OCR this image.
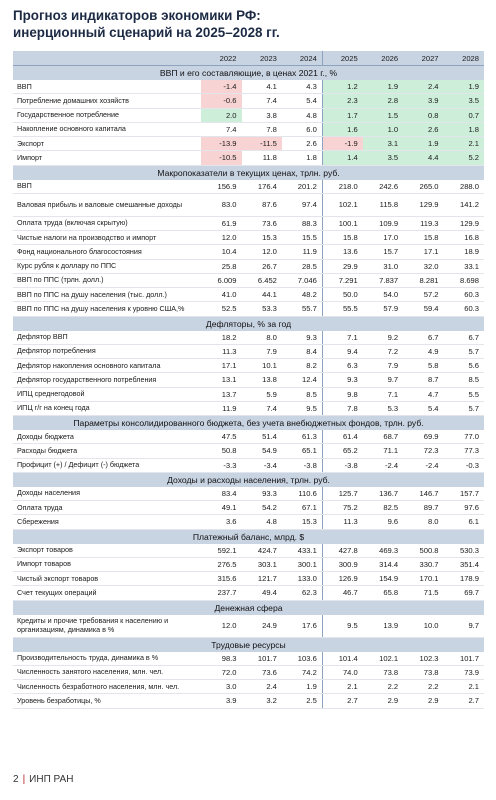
Прогноз индикаторов экономики РФ:
инерционный сценарий на 2025–2028 гг.
	2022	2023	2024	2025	2026	2027	2028
ВВП и его составляющие, в ценах 2021 г., %							
ВВП	-1.4	4.1	4.3	1.2	1.9	2.4	1.9
Потребление домашних хозяйств	-0.6	7.4	5.4	2.3	2.8	3.9	3.5
Государственное потребление	2.0	3.8	4.8	1.7	1.5	0.8	0.7
Накопление основного капитала	7.4	7.8	6.0	1.6	1.0	2.6	1.8
Экспорт	-13.9	-11.5	2.6	-1.9	3.1	1.9	2.1
Импорт	-10.5	11.8	1.8	1.4	3.5	4.4	5.2
Макропоказатели в текущих ценах, трлн. руб.							
ВВП	156.9	176.4	201.2	218.0	242.6	265.0	288.0
Валовая прибыль и валовые смешанные доходы	83.0	87.6	97.4	102.1	115.8	129.9	141.2
Оплата труда (включая скрытую)	61.9	73.6	88.3	100.1	109.9	119.3	129.9
Чистые налоги на производство и импорт	12.0	15.3	15.5	15.8	17.0	15.8	16.8
Фонд национального благосостояния	10.4	12.0	11.9	13.6	15.7	17.1	18.9
Курс рубля к доллару по ППС	25.8	26.7	28.5	29.9	31.0	32.0	33.1
ВВП по ППС (трлн. долл.)	6.009	6.452	7.046	7.291	7.837	8.281	8.698
ВВП по ППС на душу населения (тыс. долл.)	41.0	44.1	48.2	50.0	54.0	57.2	60.3
ВВП по ППС на душу населения к уровню США,%	52.5	53.3	55.7	55.5	57.9	59.4	60.3
Дефляторы, % за год							
Дефлятор ВВП	18.2	8.0	9.3	7.1	9.2	6.7	6.7
Дефлятор потребления	11.3	7.9	8.4	9.4	7.2	4.9	5.7
Дефлятор накопления основного капитала	17.1	10.1	8.2	6.3	7.9	5.8	5.6
Дефлятор государственного потребления	13.1	13.8	12.4	9.3	9.7	8.7	8.5
ИПЦ среднегодовой	13.7	5.9	8.5	9.8	7.1	4.7	5.5
ИПЦ г/г на конец года	11.9	7.4	9.5	7.8	5.3	5.4	5.7
Параметры консолидированного бюджета, без учета внебюджетных фондов, трлн. руб.							
Доходы бюджета	47.5	51.4	61.3	61.4	68.7	69.9	77.0
Расходы бюджета	50.8	54.9	65.1	65.2	71.1	72.3	77.3
Профицит (+) / Дефицит (-) бюджета	-3.3	-3.4	-3.8	-3.8	-2.4	-2.4	-0.3
Доходы и расходы населения, трлн. руб.							
Доходы населения	83.4	93.3	110.6	125.7	136.7	146.7	157.7
Оплата труда	49.1	54.2	67.1	75.2	82.5	89.7	97.6
Сбережения	3.6	4.8	15.3	11.3	9.6	8.0	6.1
Платежный баланс, млрд. $							
Экспорт товаров	592.1	424.7	433.1	427.8	469.3	500.8	530.3
Импорт товаров	276.5	303.1	300.1	300.9	314.4	330.7	351.4
Чистый экспорт товаров	315.6	121.7	133.0	126.9	154.9	170.1	178.9
Счет текущих операций	237.7	49.4	62.3	46.7	65.8	71.5	69.7
Денежная сфера							
Кредиты и прочие требования к населению и организациям, динамика в %	12.0	24.9	17.6	9.5	13.9	10.0	9.7
Трудовые ресурсы							
Производительность труда, динамика в %	98.3	101.7	103.6	101.4	102.1	102.3	101.7
Численность занятого населения, млн. чел.	72.0	73.6	74.2	74.0	73.8	73.8	73.9
Численность безработного населения, млн. чел.	3.0	2.4	1.9	2.1	2.2	2.2	2.1
Уровень безработицы, %	3.9	3.2	2.5	2.7	2.9	2.9	2.7
2 | ИНП РАН
